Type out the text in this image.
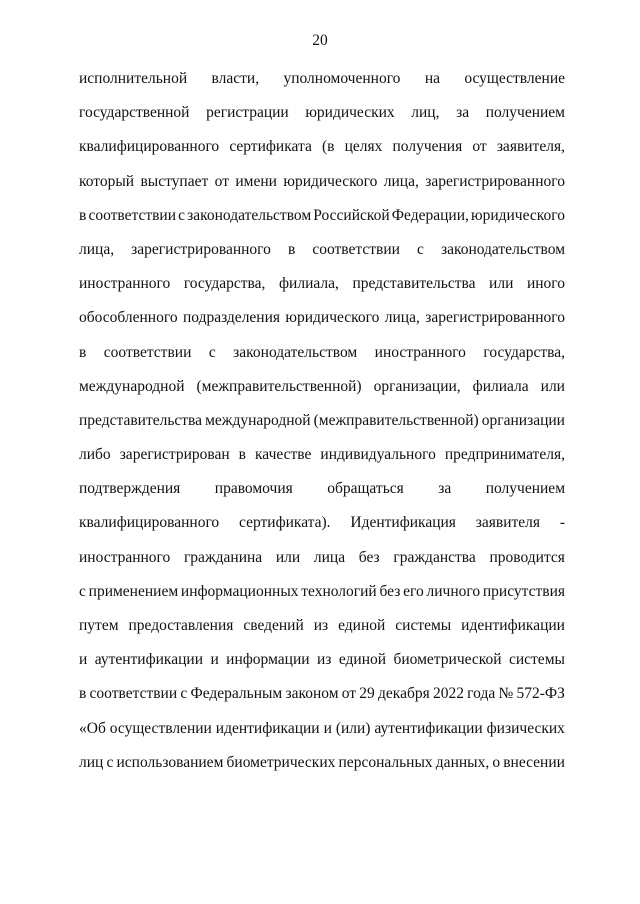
20
исполнительной власти, уполномоченного на осуществление
государственной регистрации юридических лиц, за получением
квалифицированного сертификата (в целях получения от заявителя,
который выступает от имени юридического лица, зарегистрированного
в соответствии с законодательством Российской Федерации, юридического
лица, зарегистрированного в соответствии с законодательством
иностранного государства, филиала, представительства или иного
обособленного подразделения юридического лица, зарегистрированного
в соответствии с законодательством иностранного государства,
международной (межправительственной) организации, филиала или
представительства международной (межправительственной) организации
либо зарегистрирован в качестве индивидуального предпринимателя,
подтверждения правомочия обращаться за получением
квалифицированного сертификата). Идентификация заявителя -
иностранного гражданина или лица без гражданства проводится
с применением информационных технологий без его личного присутствия
путем предоставления сведений из единой системы идентификации
и аутентификации и информации из единой биометрической системы
в соответствии с Федеральным законом от 29 декабря 2022 года № 572-ФЗ
«Об осуществлении идентификации и (или) аутентификации физических
лиц с использованием биометрических персональных данных, о внесении
